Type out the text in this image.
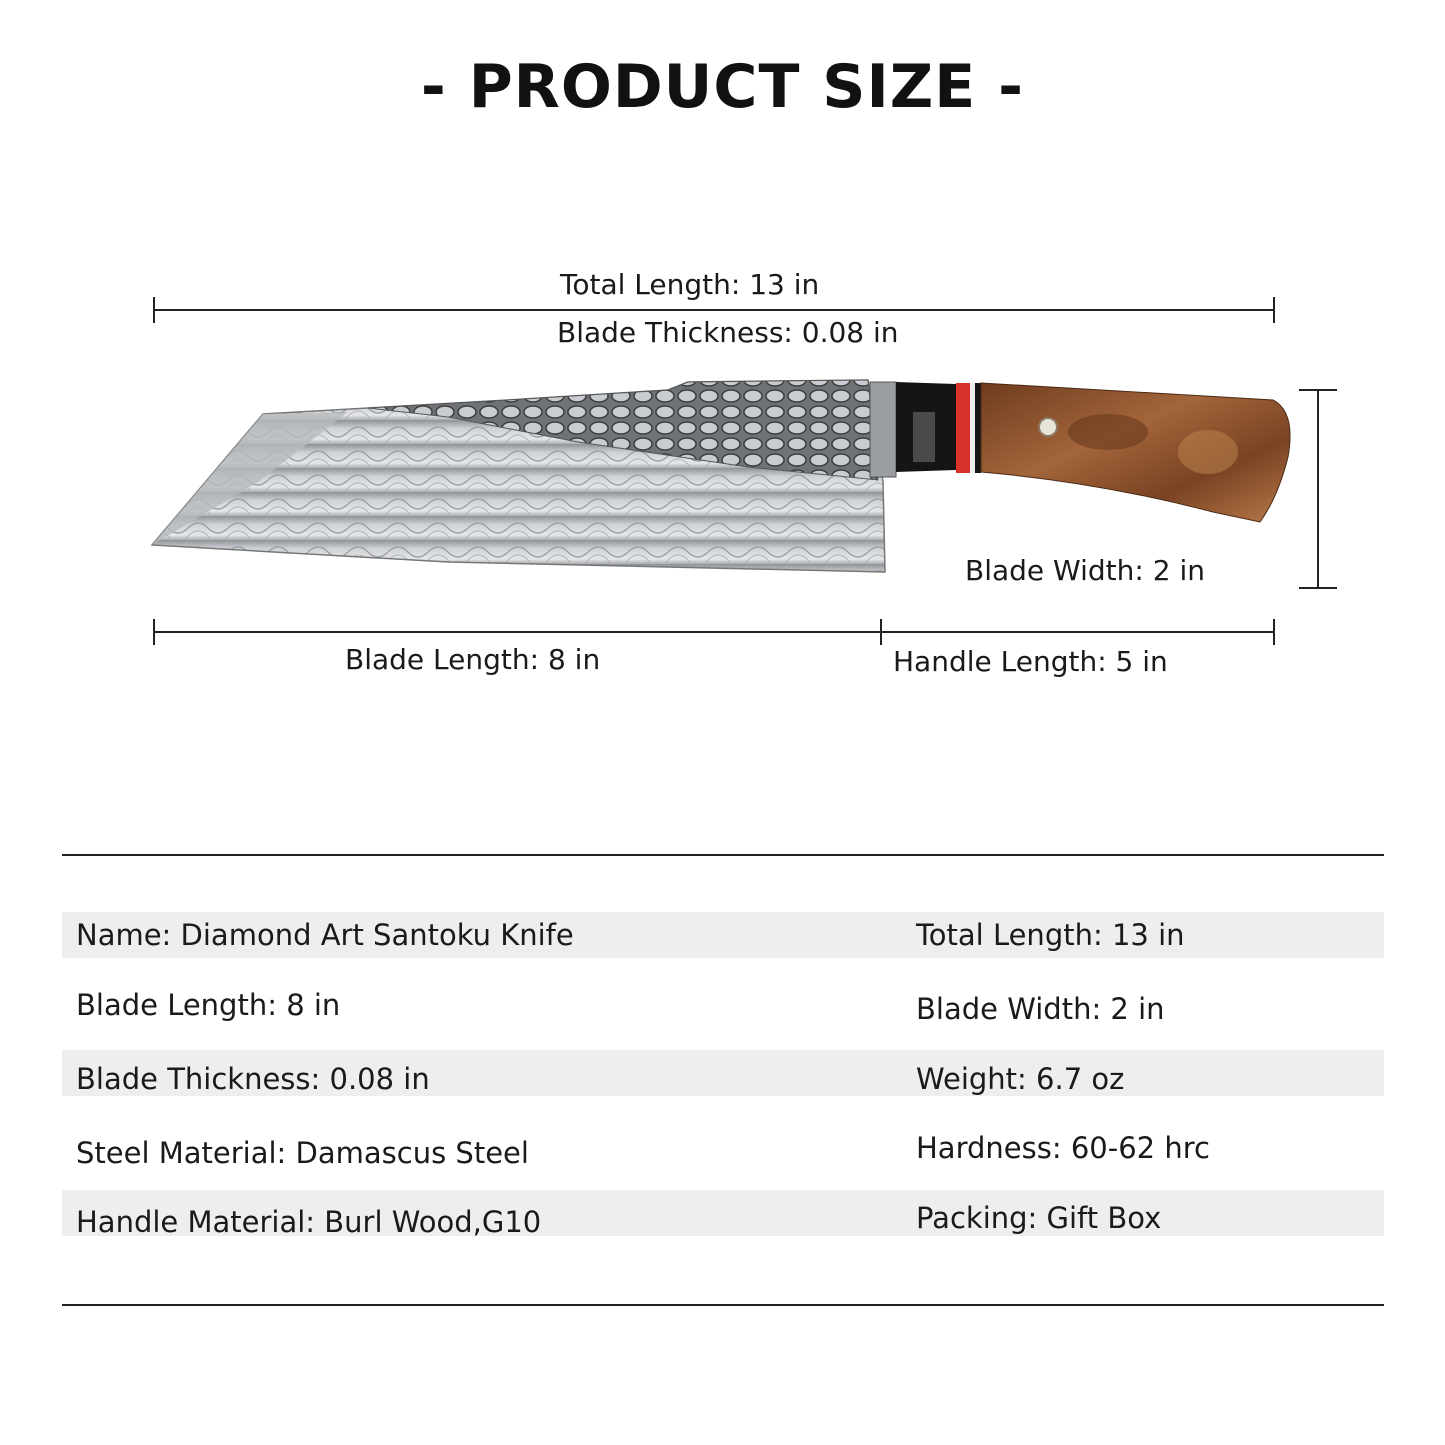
- PRODUCT SIZE -
Total Length: 13 in
Blade Thickness: 0.08 in
Blade Width: 2 in
Blade Length: 8 in	Handle Length: 5 in
Name: Diamond Art Santoku Knife
Blade Length: 8 in
Blade Thickness: 0.08 in
Steel Material: Damascus Steel
Handle Material: Burl Wood,G10
Total Length: 13 in
Blade Width: 2 in
Weight: 6.7 oz
Hardness: 60-62 hrc
Packing: Gift Box
